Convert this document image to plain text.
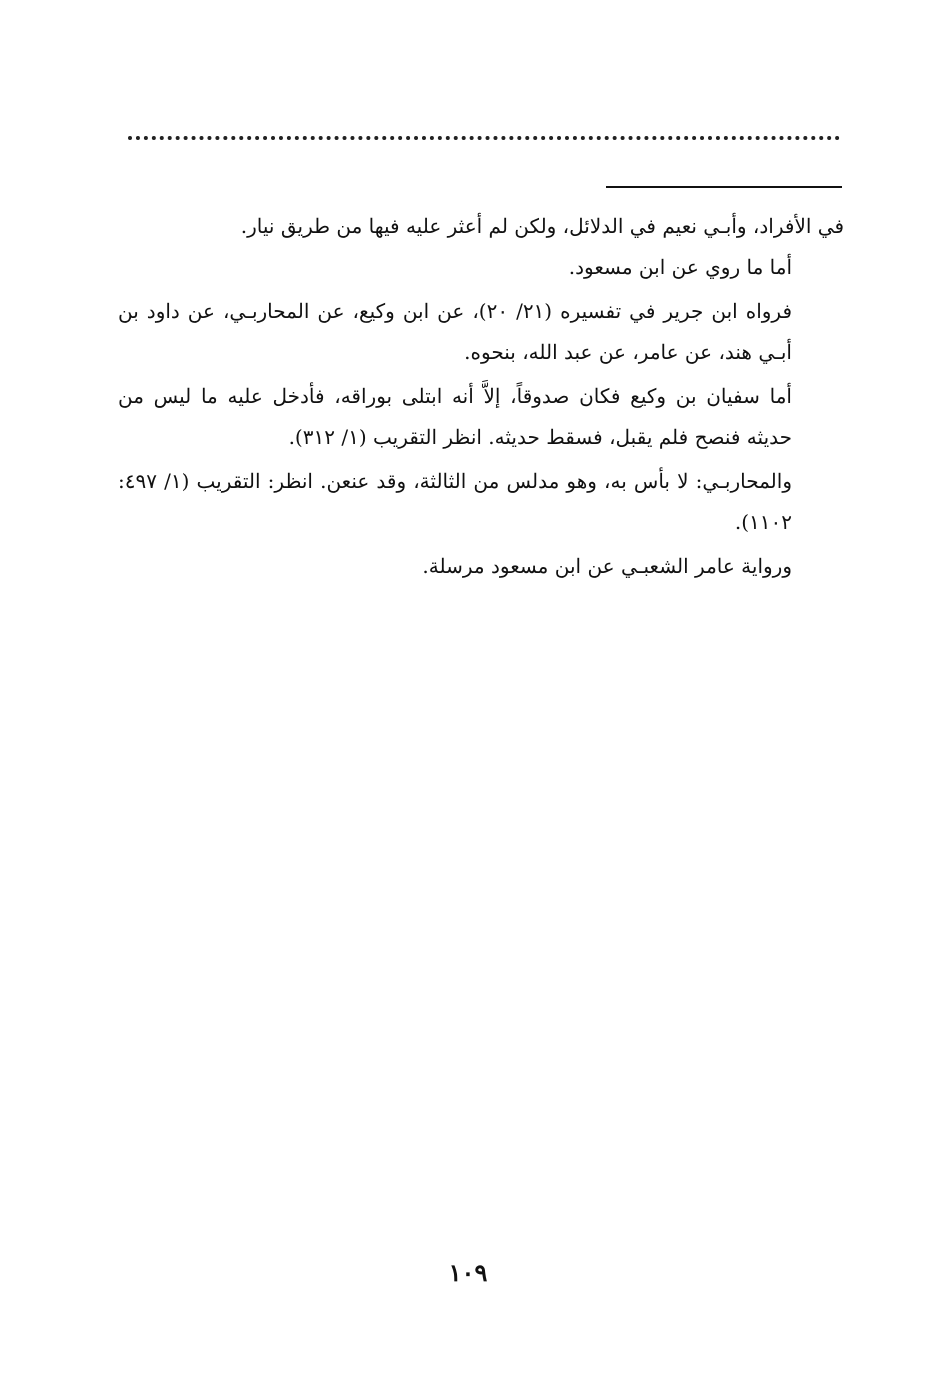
في الأفراد، وأبـي نعيم في الدلائل، ولكن لم أعثر عليه فيها من طريق نيار.

أما ما روي عن ابن مسعود.

فرواه ابن جرير في تفسيره (٢١/ ٢٠)، عن ابن وكيع، عن المحاربـي، عن داود بن أبـي هند، عن عامر، عن عبد الله، بنحوه.

أما سفيان بن وكيع فكان صدوقاً، إلاَّ أنه ابتلى بوراقه، فأدخل عليه ما ليس من حديثه فنصح فلم يقبل، فسقط حديثه. انظر التقريب (١/ ٣١٢).

والمحاربـي: لا بأس به، وهو مدلس من الثالثة، وقد عنعن. انظر: التقريب (١/ ٤٩٧: ١١٠٢).

ورواية عامر الشعبـي عن ابن مسعود مرسلة.

١٠٩
